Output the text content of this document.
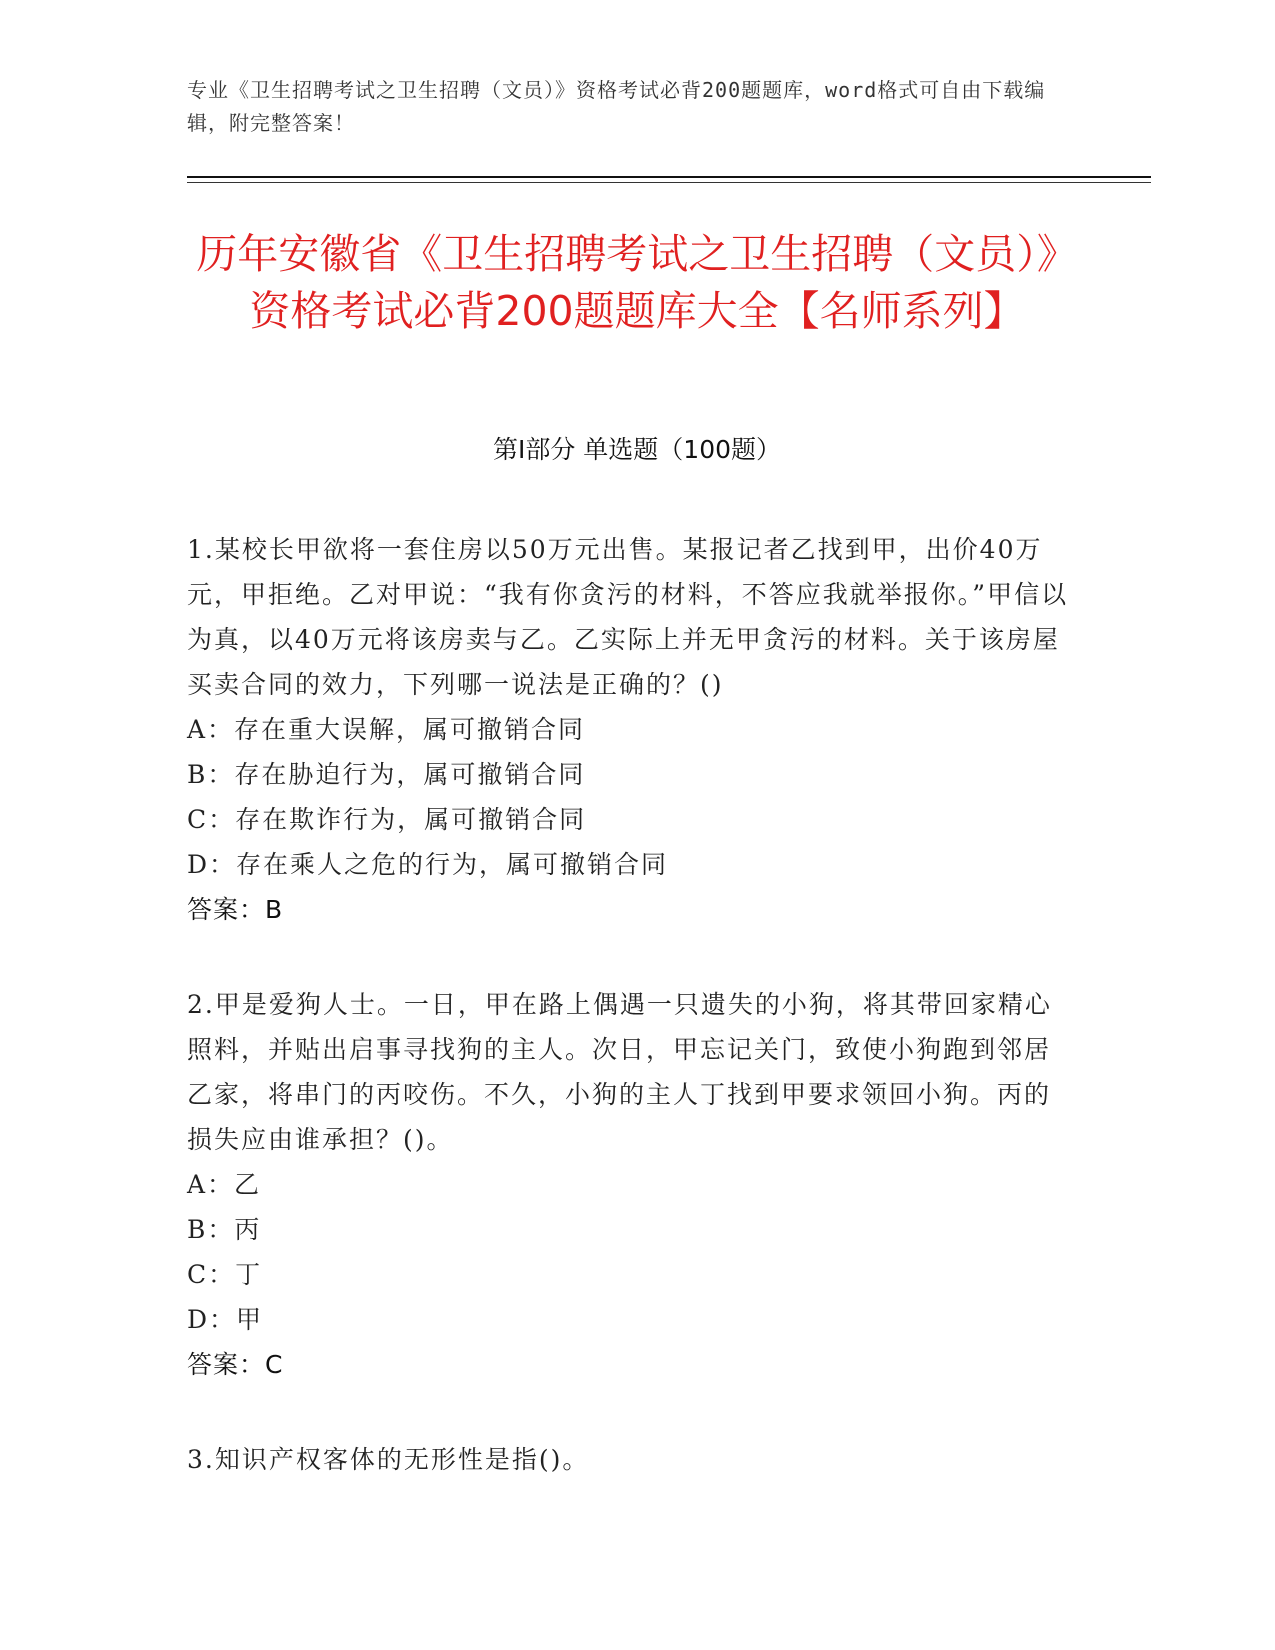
专业《卫生招聘考试之卫生招聘（文员）》资格考试必背200题题库，word格式可自由下载编辑，附完整答案！
历年安徽省《卫生招聘考试之卫生招聘（文员）》资格考试必背200题题库大全【名师系列】
第Ⅰ部分 单选题（100题）

1.某校长甲欲将一套住房以50万元出售。某报记者乙找到甲，出价40万元，甲拒绝。乙对甲说：“我有你贪污的材料，不答应我就举报你。”甲信以为真，以40万元将该房卖与乙。乙实际上并无甲贪污的材料。关于该房屋买卖合同的效力，下列哪一说法是正确的？()

A：存在重大误解，属可撤销合同

B：存在胁迫行为，属可撤销合同

C：存在欺诈行为，属可撤销合同

D：存在乘人之危的行为，属可撤销合同

答案：B

2.甲是爱狗人士。一日，甲在路上偶遇一只遗失的小狗，将其带回家精心照料，并贴出启事寻找狗的主人。次日，甲忘记关门，致使小狗跑到邻居乙家，将串门的丙咬伤。不久，小狗的主人丁找到甲要求领回小狗。丙的损失应由谁承担？()。

A：乙

B：丙

C：丁

D：甲

答案：C

3.知识产权客体的无形性是指()。
